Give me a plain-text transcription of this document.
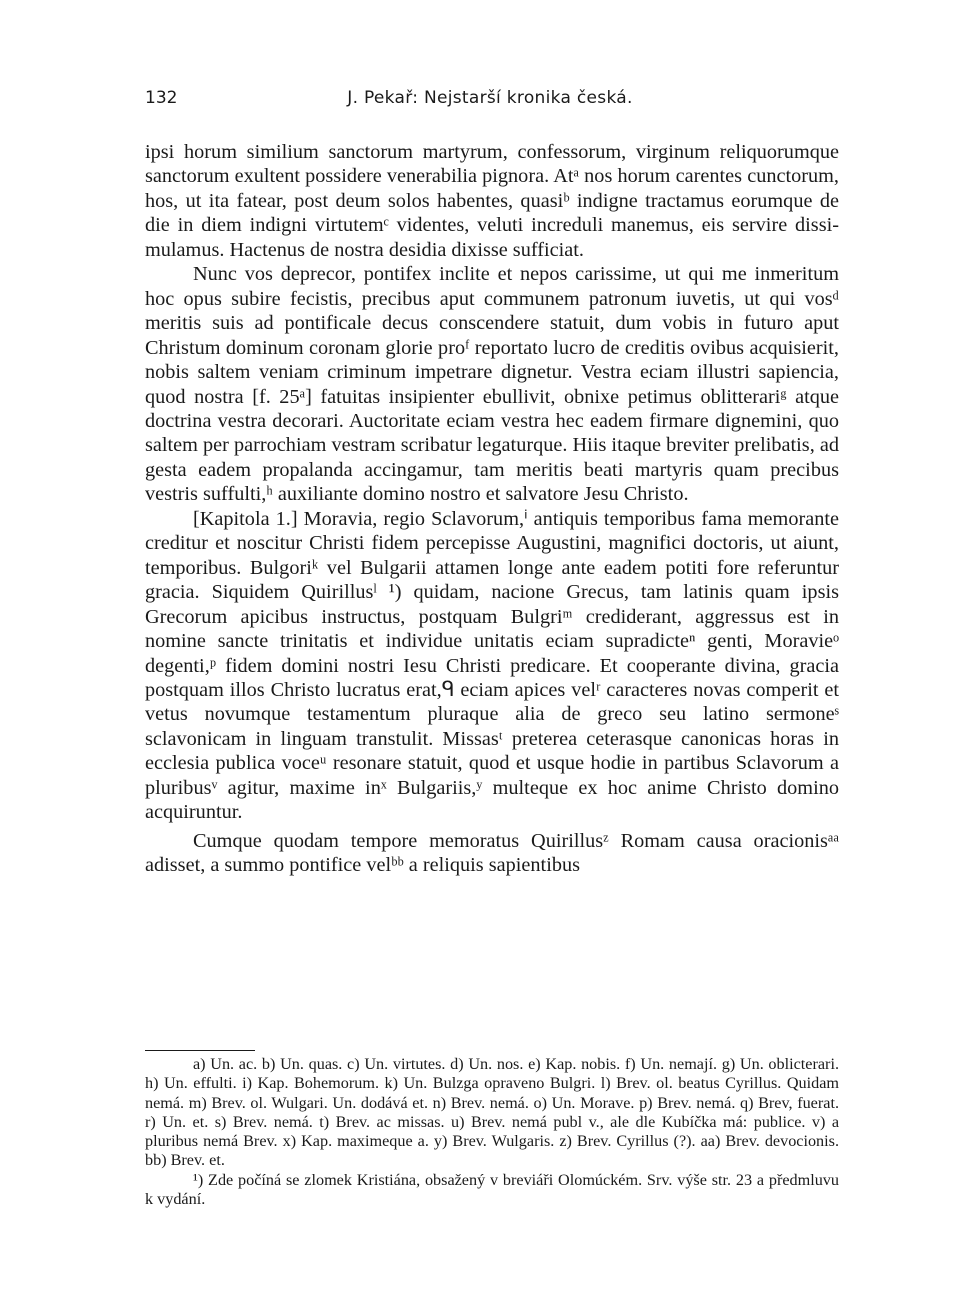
132	J. Pekař: Nejstarší kronika česká.

ipsi horum similium sanctorum martyrum, confessorum, virginum reliquorumque sanctorum exultent possidere venerabilia pignora. Atᵃ nos horum carentes cunctorum, hos, ut ita fatear, post deum solos habentes, quasiᵇ indigne tractamus eorumque de die in diem indigni virtutemᶜ videntes, veluti increduli manemus, eis servire dissimulamus. Hactenus de nostra desidia dixisse sufficiat.

Nunc vos deprecor, pontifex inclite et nepos carissime, ut qui me inmeritum hoc opus subire fecistis, precibus aput communem patronum iuvetis, ut qui vosᵈ meritis suis ad pontificale decus conscendere statuit, dum vobis in futuro aput Christum dominum coronam glorie proᶠ reportato lucro de creditis ovibus acquisierit, nobis saltem veniam criminum impetrare dignetur. Vestra eciam illustri sapiencia, quod nostra [f. 25ᵃ] fatuitas insipienter ebullivit, obnixe petimus oblitterariᵍ atque doctrina vestra decorari. Auctoritate eciam vestra hec eadem firmare dignemini, quo saltem per parrochiam vestram scribatur legaturque. Hiis itaque breviter prelibatis, ad gesta eadem propalanda accingamur, tam meritis beati martyris quam precibus vestris suffulti,ʰ auxiliante domino nostro et salvatore Jesu Christo.

[Kapitola 1.] Moravia, regio Sclavorum,ⁱ antiquis temporibus fama memorante creditur et noscitur Christi fidem percepisse Augustini, magnifici doctoris, ut aiunt, temporibus. Bulgoriᵏ vel Bulgarii attamen longe ante eadem potiti fore referuntur gracia. Siquidem Quirillusˡ ¹) quidam, nacione Grecus, tam latinis quam ipsis Grecorum apicibus instructus, postquam Bulgriᵐ crediderant, aggressus est in nomine sancte trinitatis et individue unitatis eciam supradicteⁿ genti, Moravieᵒ degenti,ᵖ fidem domini nostri Iesu Christi predicare. Et cooperante divina, gracia postquam illos Christo lucratus erat,ᑫ eciam apices velʳ caracteres novas comperit et vetus novumque testamentum pluraque alia de greco seu latino sermoneˢ sclavonicam in linguam transtulit. Missasᵗ preterea ceterasque canonicas horas in ecclesia publica voceᵘ resonare statuit, quod et usque hodie in partibus Sclavorum a pluribusᵛ agitur, maxime inˣ Bulgariis,ʸ multeque ex hoc anime Christo domino acquiruntur.

Cumque quodam tempore memoratus Quirillusᶻ Romam causa oracionisᵃᵃ adisset, a summo pontifice velᵇᵇ a reliquis sapientibus

a) Un. ac. b) Un. quas. c) Un. virtutes. d) Un. nos. e) Kap. nobis. f) Un. nemají. g) Un. oblicterari. h) Un. effulti. i) Kap. Bohemorum. k) Un. Bulzga opraveno Bulgri. l) Brev. ol. beatus Cyrillus. Quidam nemá. m) Brev. ol. Wulgari. Un. dodává et. n) Brev. nemá. o) Un. Morave. p) Brev. nemá. q) Brev, fuerat. r) Un. et. s) Brev. nemá. t) Brev. ac missas. u) Brev. nemá publ v., ale dle Kubíčka má: publice. v) a pluribus nemá Brev. x) Kap. maximeque a. y) Brev. Wulgaris. z) Brev. Cyrillus (?). aa) Brev. devocionis. bb) Brev. et.

¹) Zde počíná se zlomek Kristiána, obsažený v breviáři Olomúckém. Srv. výše str. 23 a předmluvu k vydání.
